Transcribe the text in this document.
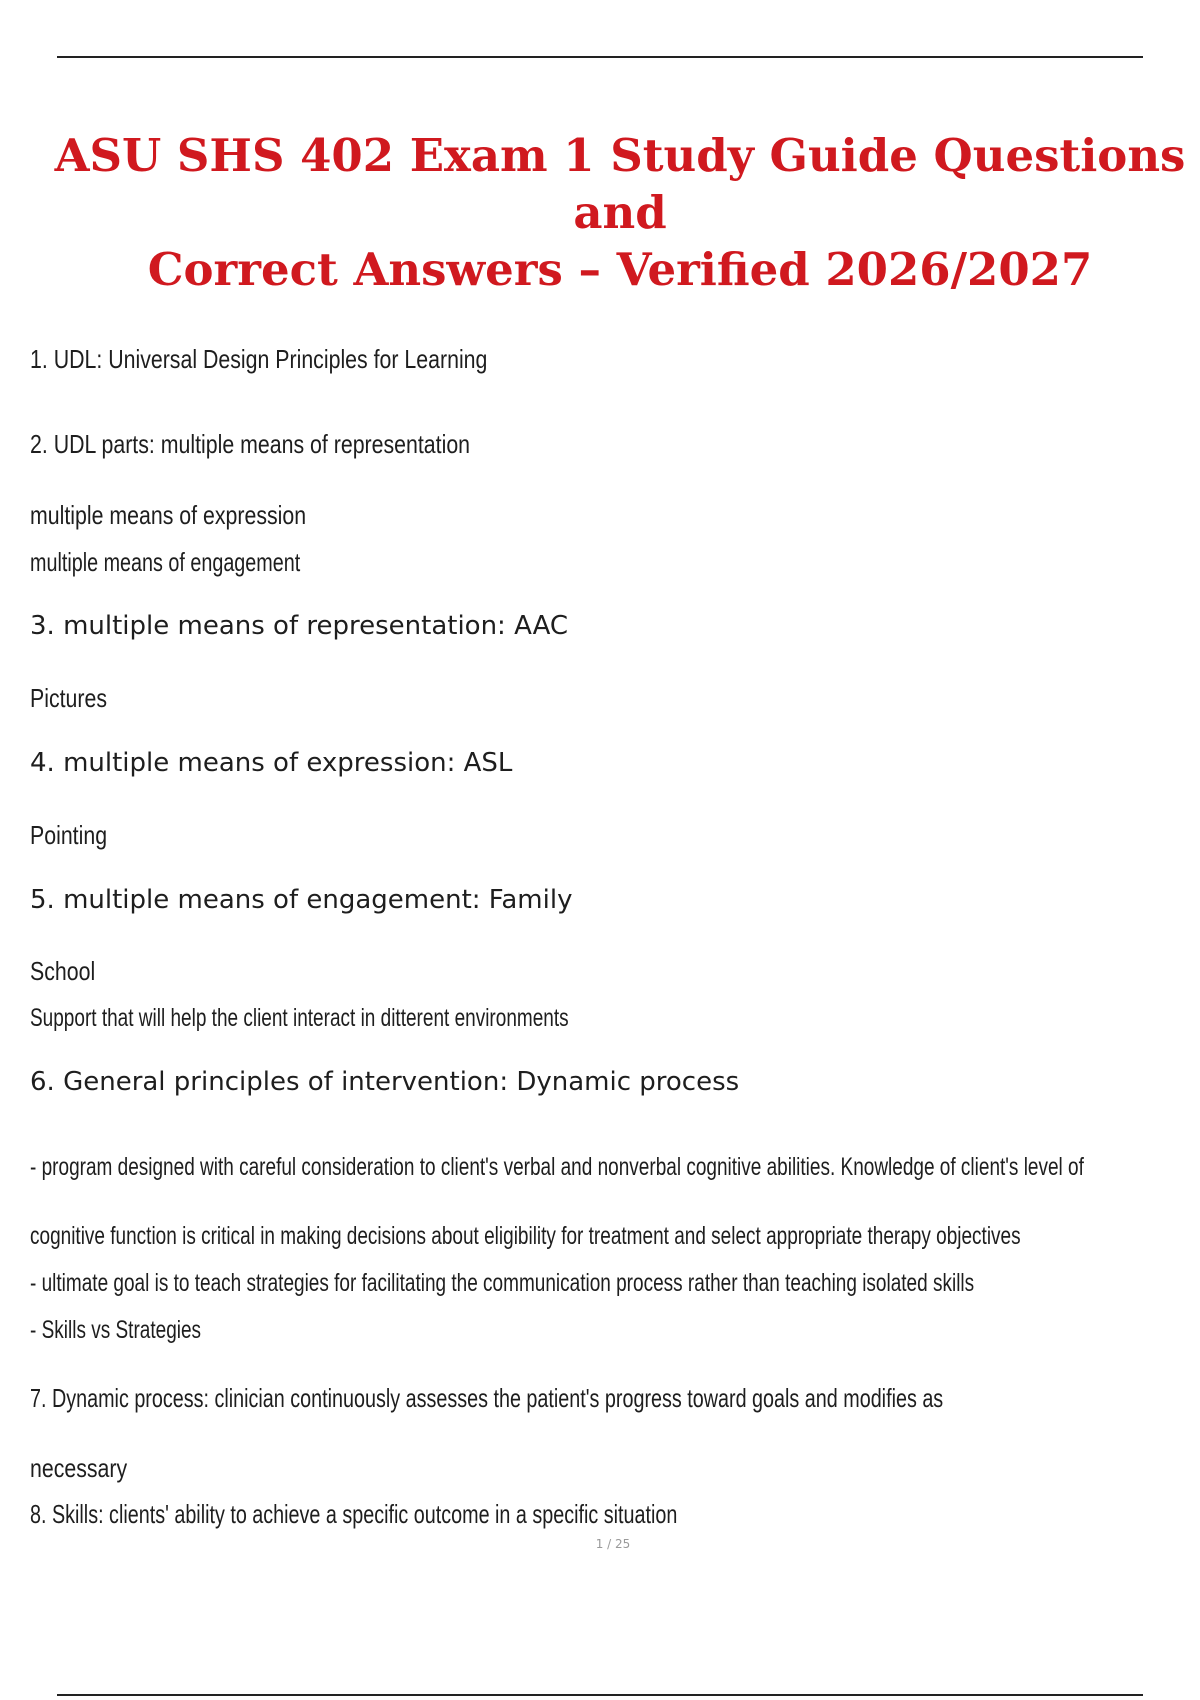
ASU SHS 402 Exam 1 Study Guide Questions and
Correct Answers – Verified 2026/2027

1. UDL: Universal Design Principles for Learning

2. UDL parts: multiple means of representation

multiple means of expression

multiple means of engagement

3. multiple means of representation: AAC

Pictures

4. multiple means of expression: ASL

Pointing

5. multiple means of engagement: Family

School

Support that will help the client interact in ditterent environments

6. General principles of intervention: Dynamic process

- program designed with careful consideration to client's verbal and nonverbal cognitive abilities. Knowledge of client's level of

cognitive function is critical in making decisions about eligibility for treatment and select appropriate therapy objectives

- ultimate goal is to teach strategies for facilitating the communication process rather than teaching isolated skills

- Skills vs Strategies

7. Dynamic process: clinician continuously assesses the patient's progress toward goals and modifies as

necessary

8. Skills: clients' ability to achieve a specific outcome in a specific situation

1 / 25
